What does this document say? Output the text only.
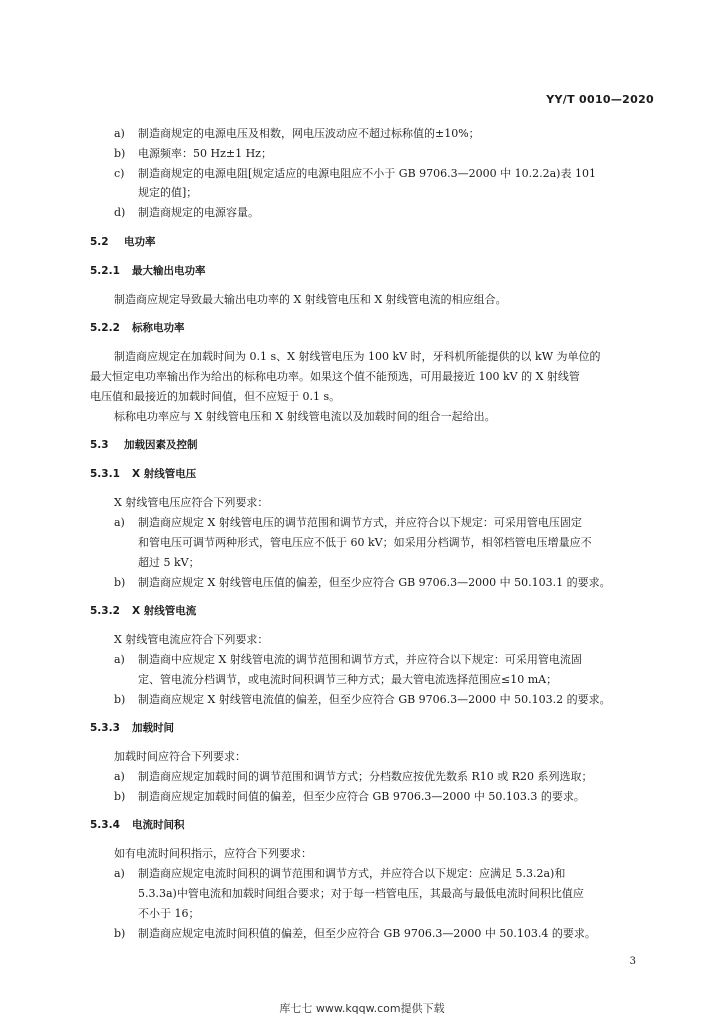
YY/T 0010—2020
a) 制造商规定的电源电压及相数，网电压波动应不超过标称值的±10%；
b) 电源频率：50 Hz±1 Hz；
c) 制造商规定的电源电阻[规定适应的电源电阻应不小于 GB 9706.3—2000 中 10.2.2a)表 101
规定的值]；
d) 制造商规定的电源容量。
5.2 电功率
5.2.1 最大输出电功率
制造商应规定导致最大输出电功率的 X 射线管电压和 X 射线管电流的相应组合。
5.2.2 标称电功率
制造商应规定在加载时间为 0.1 s、X 射线管电压为 100 kV 时，牙科机所能提供的以 kW 为单位的
最大恒定电功率输出作为给出的标称电功率。如果这个值不能预选，可用最接近 100 kV 的 X 射线管
电压值和最接近的加载时间值，但不应短于 0.1 s。
标称电功率应与 X 射线管电压和 X 射线管电流以及加载时间的组合一起给出。
5.3 加载因素及控制
5.3.1 X 射线管电压
X 射线管电压应符合下列要求：
a) 制造商应规定 X 射线管电压的调节范围和调节方式，并应符合以下规定：可采用管电压固定
和管电压可调节两种形式，管电压应不低于 60 kV；如采用分档调节，相邻档管电压增量应不
超过 5 kV；
b) 制造商应规定 X 射线管电压值的偏差，但至少应符合 GB 9706.3—2000 中 50.103.1 的要求。
5.3.2 X 射线管电流
X 射线管电流应符合下列要求：
a) 制造商中应规定 X 射线管电流的调节范围和调节方式，并应符合以下规定：可采用管电流固
定、管电流分档调节，或电流时间积调节三种方式；最大管电流选择范围应≤10 mA；
b) 制造商应规定 X 射线管电流值的偏差，但至少应符合 GB 9706.3—2000 中 50.103.2 的要求。
5.3.3 加载时间
加载时间应符合下列要求：
a) 制造商应规定加载时间的调节范围和调节方式；分档数应按优先数系 R10 或 R20 系列选取；
b) 制造商应规定加载时间值的偏差，但至少应符合 GB 9706.3—2000 中 50.103.3 的要求。
5.3.4 电流时间积
如有电流时间积指示，应符合下列要求：
a) 制造商应规定电流时间积的调节范围和调节方式，并应符合以下规定：应满足 5.3.2a)和
5.3.3a)中管电流和加载时间组合要求；对于每一档管电压，其最高与最低电流时间积比值应
不小于 16；
b) 制造商应规定电流时间积值的偏差，但至少应符合 GB 9706.3—2000 中 50.103.4 的要求。
3
库七七 www.kqqw.com提供下载
